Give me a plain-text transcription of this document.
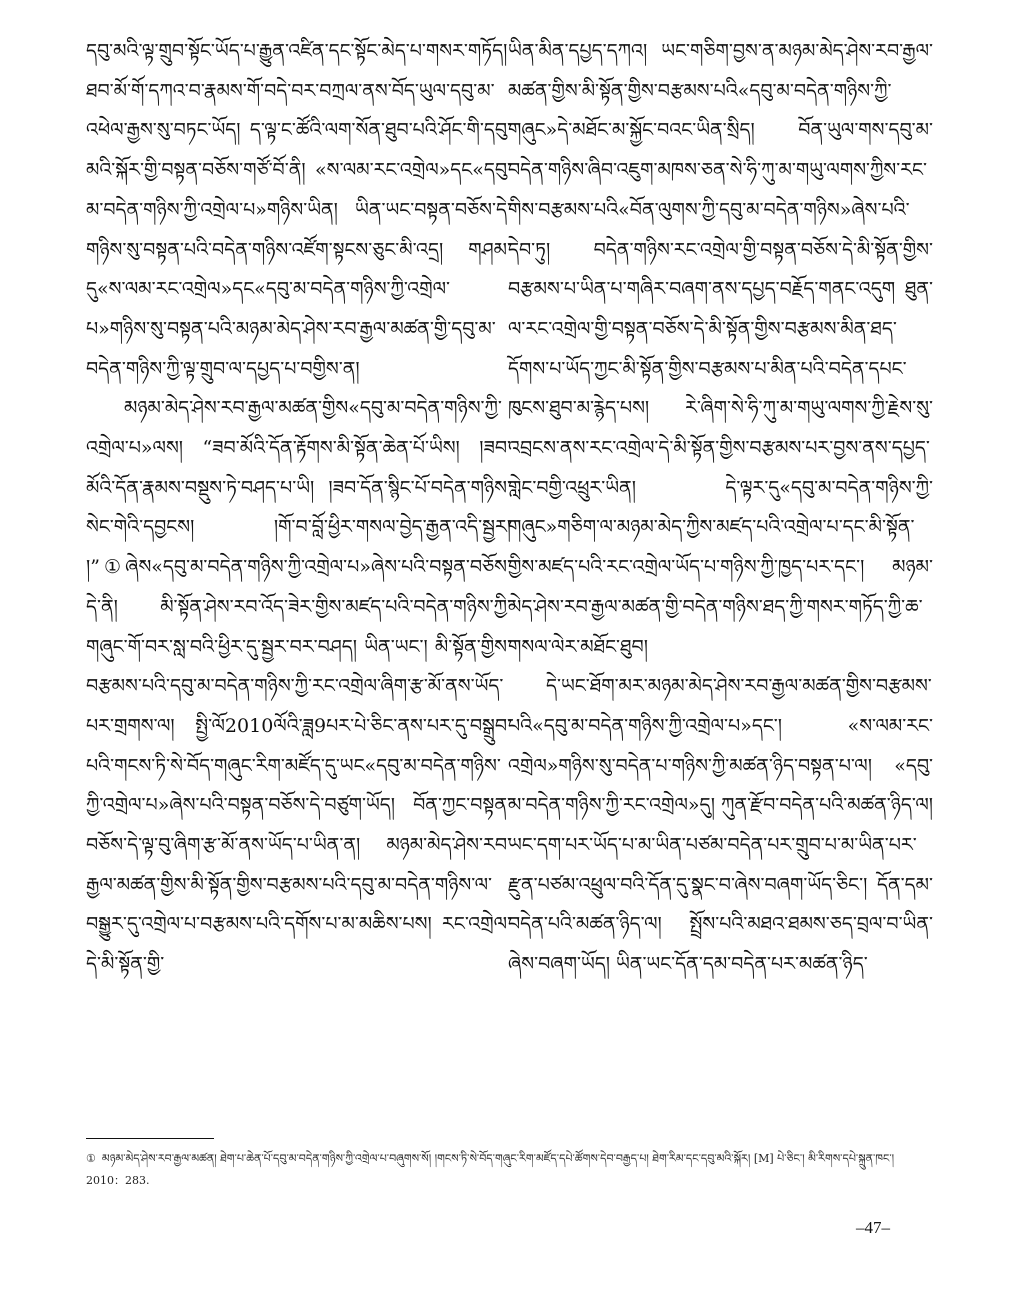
དབུ་མའི་ལྟ་གྲུབ་སྟོང་ཡོད་པ་རྒྱུན་འཛིན་དང་སྟོང་མེད་པ་གསར་གཏོད། ཐབ་མོ་གོ་དཀའ་བ་རྣམས་གོ་བདེ་བར་བཀྲལ་ནས་བོད་ཡུལ་དབུ་མ་འཕེལ་རྒྱས་སུ་བཏང་ཡོད། ད་ལྟ་ང་ཚོའི་ལག་སོན་ཐུབ་པའི་ཤོང་གི་དབུ་མའི་སྐོར་གྱི་བསྟན་བཅོས་གཙོ་བོ་ནི། «ས་ལམ་རང་འགྲེལ»དང«དབུ་མ་བདེན་གཉིས་ཀྱི་འགྲེལ་པ»གཉིས་ཡིན། ཡིན་ཡང་བསྟན་བཅོས་དེ་གཉིས་སུ་བསྟན་པའི་བདེན་གཉིས་འཛོག་སྟངས་ཅུང་མི་འདྲ། གཤམ་དུ«ས་ལམ་རང་འགྲེལ»དང«དབུ་མ་བདེན་གཉིས་ཀྱི་འགྲེལ་པ»གཉིས་སུ་བསྟན་པའི་མཉམ་མེད་ཤེས་རབ་རྒྱལ་མཚན་གྱི་དབུ་མ་བདེན་གཉིས་ཀྱི་ལྟ་གྲུབ་ལ་དཔྱད་པ་བགྱིས་ན།

མཉམ་མེད་ཤེས་རབ་རྒྱལ་མཚན་གྱིས«དབུ་མ་བདེན་གཉིས་ཀྱི་འགྲེལ་པ»ལས། “ཟབ་མོའི་དོན་རྟོགས་མི་སྟོན་ཆེན་པོ་ཡིས། །ཟབ་མོའི་དོན་རྣམས་བསྡུས་ཏེ་བཤད་པ་ཡི། །ཟབ་དོན་སྙིང་པོ་བདེན་གཉིས་སེང་གེའི་དབྱངས། །གོ་བ་བློ་ཕྱིར་གསལ་བྱེད་རྒྱན་འདི་སྦྱར། །”①ཞེས«དབུ་མ་བདེན་གཉིས་ཀྱི་འགྲེལ་པ»ཞེས་པའི་བསྟན་བཅོས་དེ་ནི། མི་སྟོན་ཤེས་རབ་འོད་ཟེར་གྱིས་མཛད་པའི་བདེན་གཉིས་ཀྱི་གཞུང་གོ་བར་སླ་བའི་ཕྱིར་དུ་སྦྱར་བར་བཤད། ཡིན་ཡང་། མི་སྟོན་གྱིས་བརྩམས་པའི་དབུ་མ་བདེན་གཉིས་ཀྱི་རང་འགྲེལ་ཞིག་རྩ་མོ་ནས་ཡོད་པར་གྲགས་ལ། སྤྱི་ལོ2010ལོའི་ཟླ9པར་པེ་ཅིང་ནས་པར་དུ་བསྒྲུབ་པའི་གངས་ཏི་སེ་བོད་གཞུང་རིག་མཛོད་དུ་ཡང«དབུ་མ་བདེན་གཉིས་ཀྱི་འགྲེལ་པ»ཞེས་པའི་བསྟན་བཅོས་དེ་བཙུག་ཡོད། བོན་ཀྱང་བསྟན་བཅོས་དེ་ལྟ་བུ་ཞིག་རྩ་མོ་ནས་ཡོད་པ་ཡིན་ན། མཉམ་མེད་ཤེས་རབ་རྒྱལ་མཚན་གྱིས་མི་སྟོན་གྱིས་བརྩམས་པའི་དབུ་མ་བདེན་གཉིས་ལ་བསྒྱུར་དུ་འགྲེལ་པ་བརྩམས་པའི་དགོས་པ་མ་མཆིས་པས། རང་འགྲེལ་དེ་མི་སྟོན་གྱི་

ཡིན་མིན་དཔྱད་དཀའ། ཡང་གཅིག་བྱས་ན་མཉམ་མེད་ཤེས་རབ་རྒྱལ་མཚན་གྱིས་མི་སྟོན་གྱིས་བརྩམས་པའི«དབུ་མ་བདེན་གཉིས་ཀྱི་གཞུང»དེ་མཐོང་མ་སྐྱོང་བའང་ཡིན་སྲིད། བོན་ཡུལ་གས་དབུ་མ་བདེན་གཉིས་ཞིབ་འཇུག་མཁས་ཅན་སེ་ཧི་ཀུ་མ་གཡུ་ལགས་ཀྱིས་རང་གིས་བརྩམས་པའི«བོན་ལུགས་ཀྱི་དབུ་མ་བདེན་གཉིས»ཞེས་པའི་དེབ་ཏུ། བདེན་གཉིས་རང་འགྲེལ་གྱི་བསྟན་བཅོས་དེ་མི་སྟོན་གྱིས་བརྩམས་པ་ཡིན་པ་གཞིར་བཞག་ནས་དཔྱད་བརྗོད་གནང་འདུག ཐུན་ལ་རང་འགྲེལ་གྱི་བསྟན་བཅོས་དེ་མི་སྟོན་གྱིས་བརྩམས་མིན་ཐད་དོགས་པ་ཡོད་ཀྱང་མི་སྟོན་གྱིས་བརྩམས་པ་མིན་པའི་བདེན་དཔང་ཁུངས་ཐུབ་མ་རྙེད་པས། རེ་ཞིག་སེ་ཧི་ཀུ་མ་གཡུ་ལགས་ཀྱི་རྗེས་སུ་འབྲངས་ནས་རང་འགྲེལ་དེ་མི་སྟོན་གྱིས་བརྩམས་པར་བྱས་ནས་དཔྱད་གླེང་བགྱི་འཕྲུར་ཡིན། དེ་ལྟར་དུ«དབུ་མ་བདེན་གཉིས་ཀྱི་གཞུང»གཅིག་ལ་མཉམ་མེད་ཀྱིས་མཛད་པའི་འགྲེལ་པ་དང་མི་སྟོན་གྱིས་མཛད་པའི་རང་འགྲེལ་ཡོད་པ་གཉིས་ཀྱི་ཁྱད་པར་དང་། མཉམ་མེད་ཤེས་རབ་རྒྱལ་མཚན་གྱི་བདེན་གཉིས་ཐད་ཀྱི་གསར་གཏོད་ཀྱི་ཆ་གསལ་ལེར་མཐོང་ཐུབ།

དེ་ཡང་ཐོག་མར་མཉམ་མེད་ཤེས་རབ་རྒྱལ་མཚན་གྱིས་བརྩམས་པའི«དབུ་མ་བདེན་གཉིས་ཀྱི་འགྲེལ་པ»དང་། «ས་ལམ་རང་འགྲེལ»གཉིས་སུ་བདེན་པ་གཉིས་ཀྱི་མཚན་ཉིད་བསྟན་པ་ལ། «དབུ་མ་བདེན་གཉིས་ཀྱི་རང་འགྲེལ»དུ། ཀུན་རྫོབ་བདེན་པའི་མཚན་ཉིད་ལ། ཡང་དག་པར་ཡོད་པ་མ་ཡིན་པཙམ་བདེན་པར་གྲུབ་པ་མ་ཡིན་པར་རྫུན་པཙམ་འཕྲུལ་བའི་དོན་དུ་སྣང་བ་ཞེས་བཞག་ཡོད་ཅིང་། དོན་དམ་བདེན་པའི་མཚན་ཉིད་ལ། སྤྲོས་པའི་མཐའ་ཐམས་ཅད་བྲལ་བ་ཡིན་ཞེས་བཞག་ཡོད། ཡིན་ཡང་དོན་དམ་བདེན་པར་མཚན་ཉིད་

① མཉམ་མེད་ཤེས་རབ་རྒྱལ་མཚན། ཐེག་པ་ཆེན་པོ་དབུ་མ་བདེན་གཉིས་ཀྱི་འགྲེལ་པ་བཞུགས་སོ། །གངས་ཏི་སེ་བོད་གཞུང་རིག་མཛོད་དཔེ་ཚོགས་དེབ་བརྒྱད་པ། ཐེག་རིམ་དང་དབུ་མའི་སྐོར། [M] པེ་ཅིང་། མི་རིགས་དཔེ་སྐྲུན་ཁང་། 2010：283.
–47–
